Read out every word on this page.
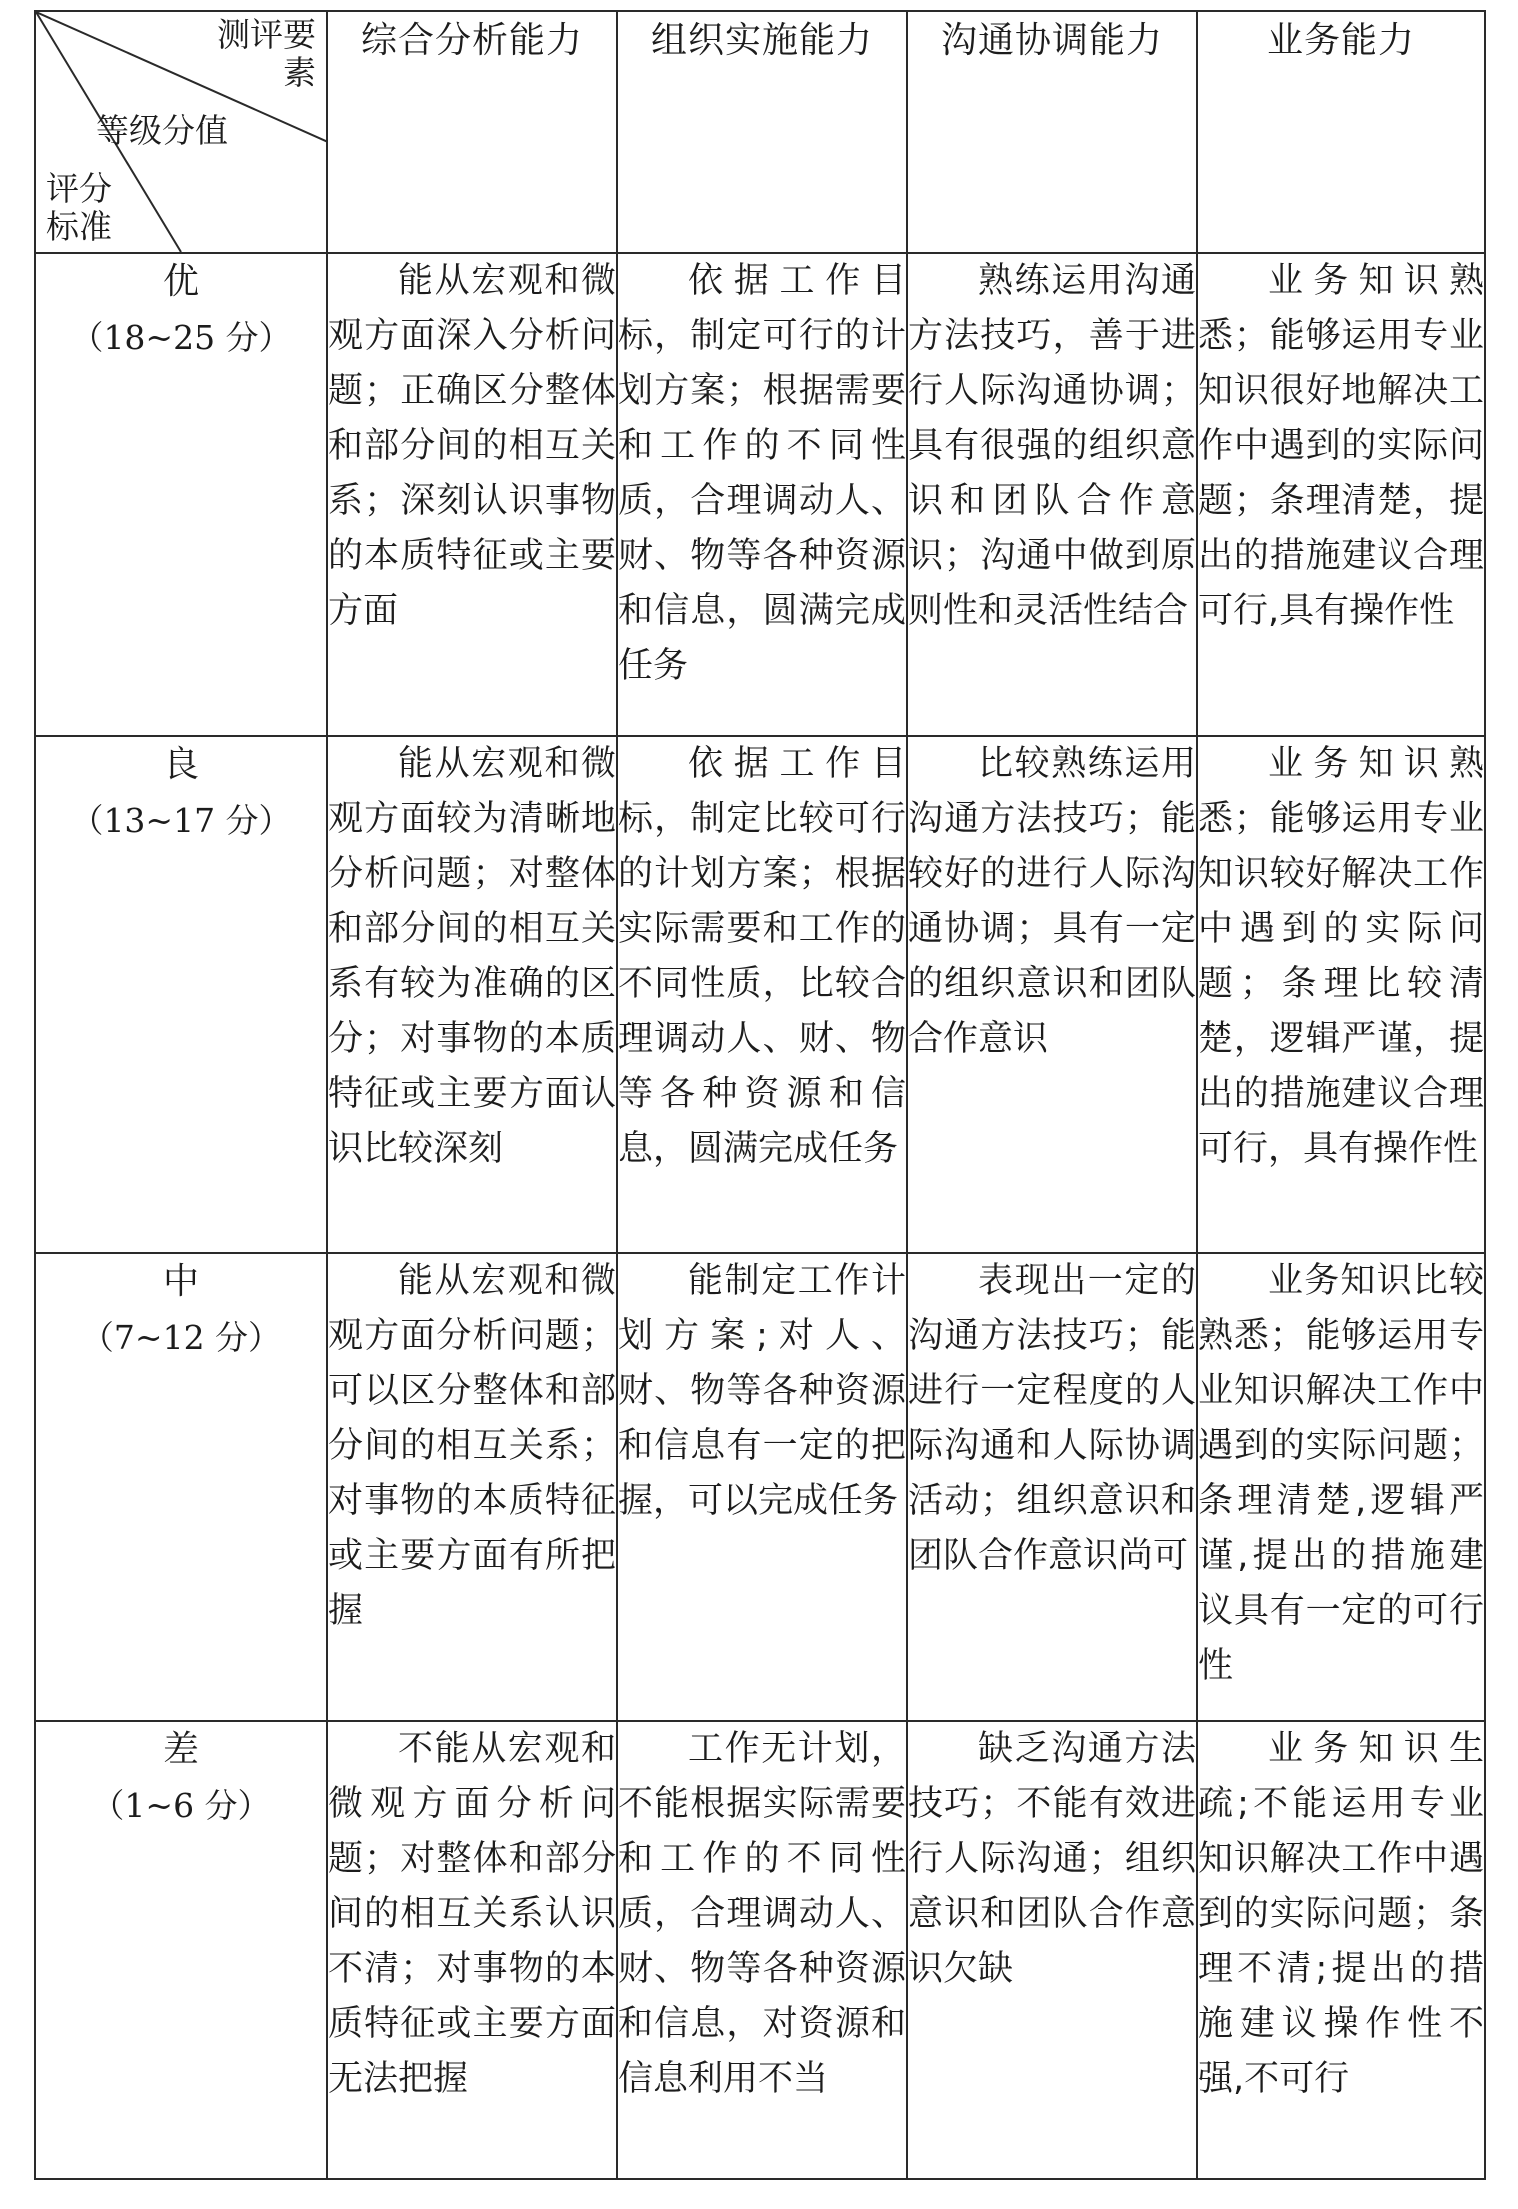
测评要素
等级分值
评分标准	综合分析能力	组织实施能力	沟通协调能力	业务能力

优
（18~25 分）	能从宏观和微观方面深入分析问题；正确区分整体和部分间的相互关系；深刻认识事物的本质特征或主要方面	依据工作目标，制定可行的计划方案；根据需要和工作的不同性质，合理调动人、财、物等各种资源和信息，圆满完成任务	熟练运用沟通方法技巧，善于进行人际沟通协调；具有很强的组织意识和团队合作意识；沟通中做到原则性和灵活性结合	业务知识熟悉；能够运用专业知识很好地解决工作中遇到的实际问题；条理清楚，提出的措施建议合理可行,具有操作性

良
（13~17 分）	能从宏观和微观方面较为清晰地分析问题；对整体和部分间的相互关系有较为准确的区分；对事物的本质特征或主要方面认识比较深刻	依据工作目标，制定比较可行的计划方案；根据实际需要和工作的不同性质，比较合理调动人、财、物等各种资源和信息，圆满完成任务	比较熟练运用沟通方法技巧；能较好的进行人际沟通协调；具有一定的组织意识和团队合作意识	业务知识熟悉；能够运用专业知识较好解决工作中遇到的实际问题；条理比较清楚，逻辑严谨，提出的措施建议合理可行，具有操作性

中
（7~12 分）	能从宏观和微观方面分析问题；可以区分整体和部分间的相互关系；对事物的本质特征或主要方面有所把握	能制定工作计划方案;对人、财、物等各种资源和信息有一定的把握，可以完成任务	表现出一定的沟通方法技巧；能进行一定程度的人际沟通和人际协调活动；组织意识和团队合作意识尚可	业务知识比较熟悉；能够运用专业知识解决工作中遇到的实际问题；条理清楚,逻辑严谨,提出的措施建议具有一定的可行性

差
（1~6 分）	不能从宏观和微观方面分析问题；对整体和部分间的相互关系认识不清；对事物的本质特征或主要方面无法把握	工作无计划，不能根据实际需要和工作的不同性质，合理调动人、财、物等各种资源和信息，对资源和信息利用不当	缺乏沟通方法技巧；不能有效进行人际沟通；组织意识和团队合作意识欠缺	业务知识生疏;不能运用专业知识解决工作中遇到的实际问题；条理不清;提出的措施建议操作性不强,不可行
